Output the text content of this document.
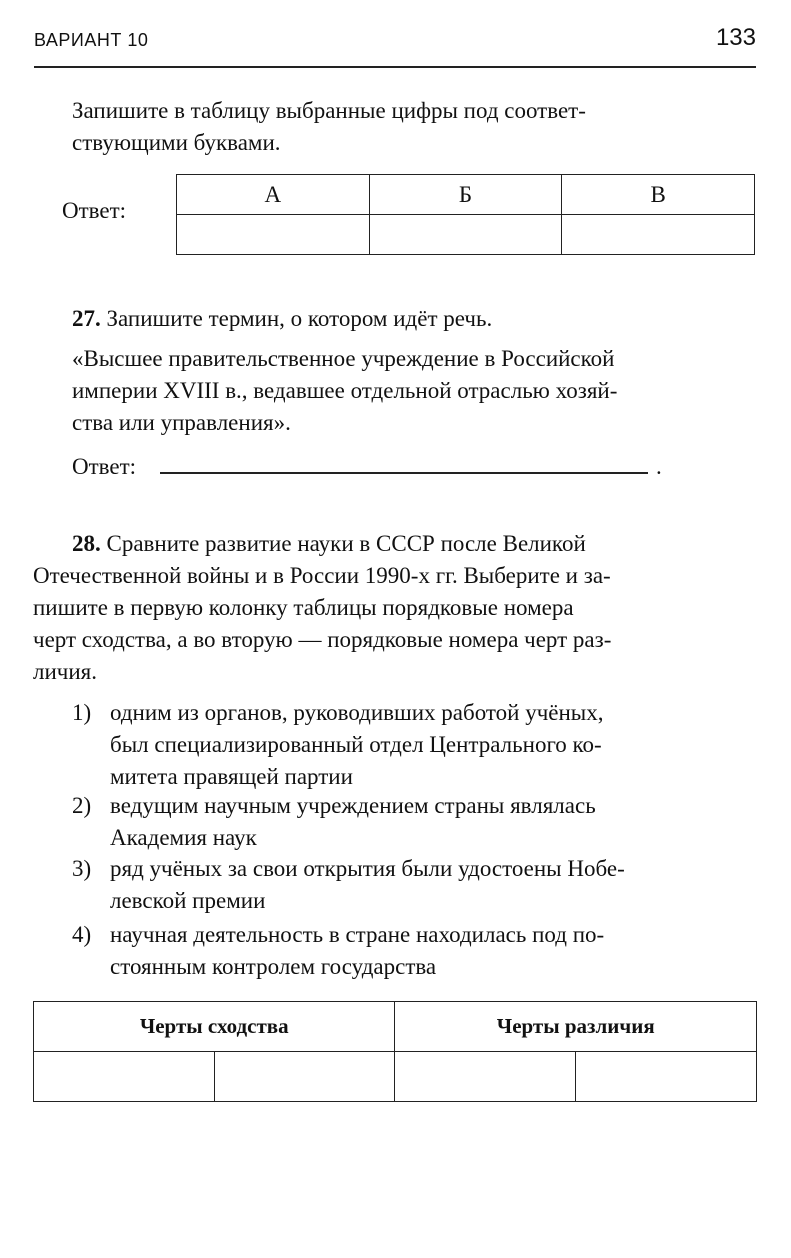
ВАРИАНТ 10	133
Запишите в таблицу выбранные цифры под соответ-
ствующими буквами.
Ответ:
А	Б	В

27. Запишите термин, о котором идёт речь.
«Высшее правительственное учреждение в Российской
империи XVIII в., ведавшее отдельной отраслью хозяй-
ства или управления».
Ответ:	.
28. Сравните развитие науки в СССР после Великой
Отечественной войны и в России 1990-х гг. Выберите и за-
пишите в первую колонку таблицы порядковые номера
черт сходства, а во вторую — порядковые номера черт раз-
личия.
1) одним из органов, руководивших работой учёных,
был специализированный отдел Центрального ко-
митета правящей партии
2) ведущим научным учреждением страны являлась
Академия наук
3) ряд учёных за свои открытия были удостоены Нобе-
левской премии
4) научная деятельность в стране находилась под по-
стоянным контролем государства
Черты сходства		Черты различия	
